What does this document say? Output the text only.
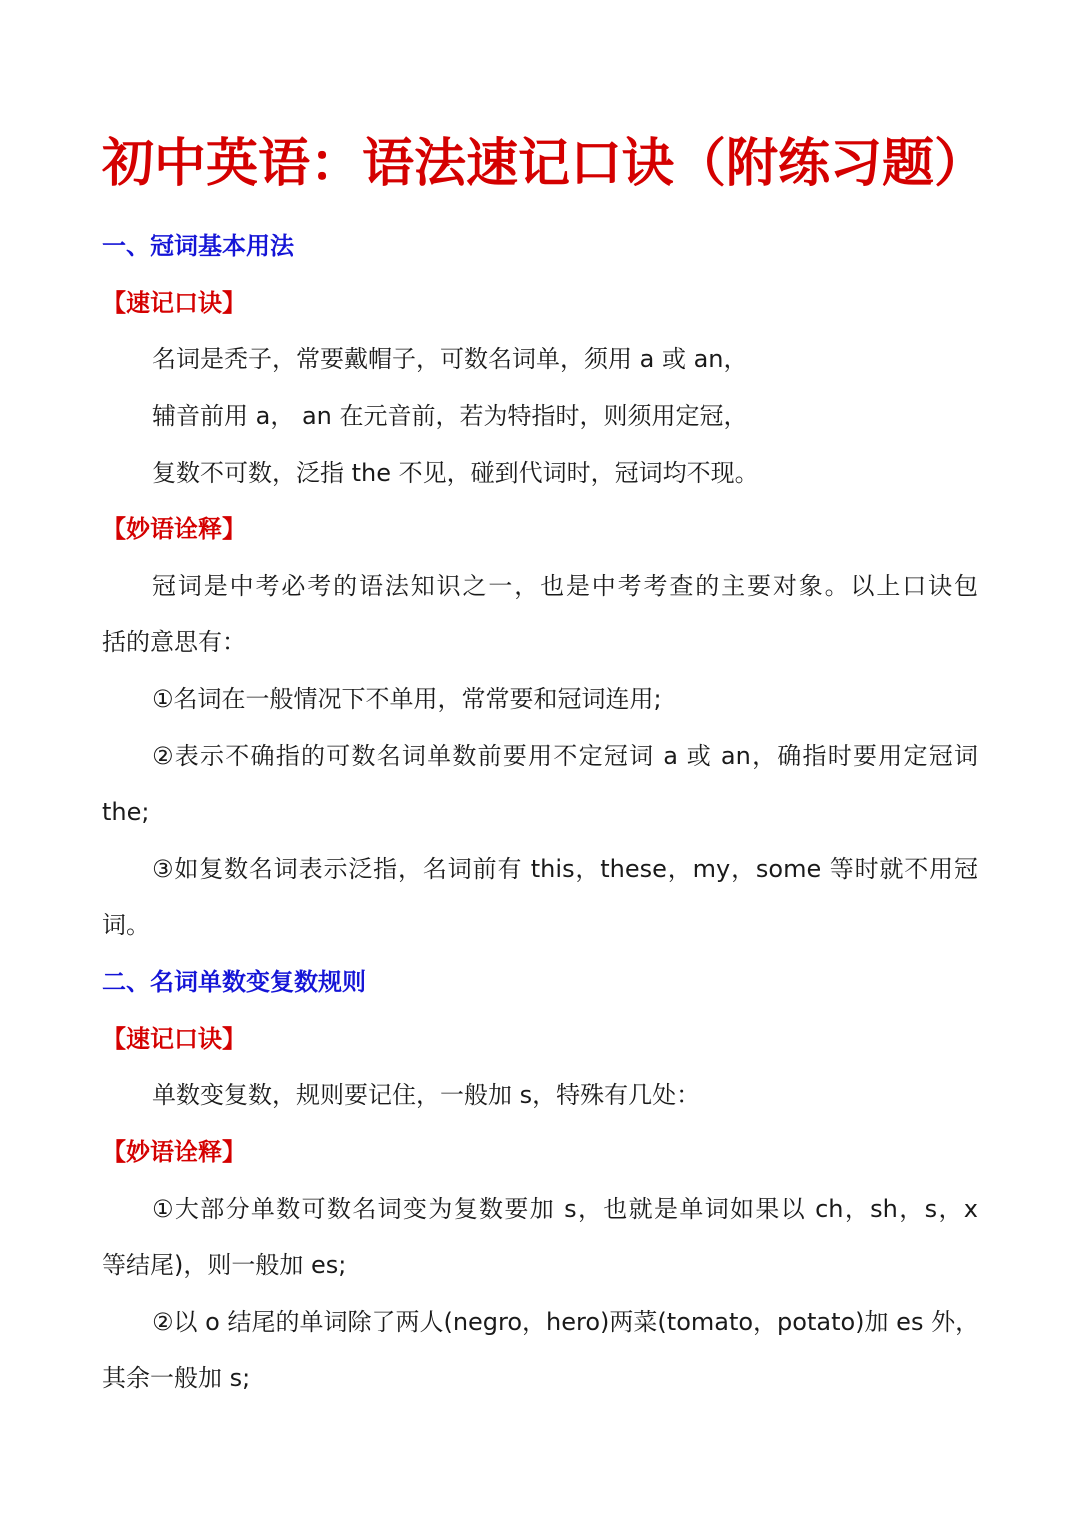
初中英语：语法速记口诀（附练习题）
一、冠词基本用法
【速记口诀】
名词是秃子，常要戴帽子，可数名词单，须用 a 或 an，
辅音前用 a， an 在元音前，若为特指时，则须用定冠，
复数不可数，泛指 the 不见，碰到代词时，冠词均不现。
【妙语诠释】
冠词是中考必考的语法知识之一，也是中考考查的主要对象。以上口诀包
括的意思有：
①名词在一般情况下不单用，常常要和冠词连用;
②表示不确指的可数名词单数前要用不定冠词 a 或 an，确指时要用定冠词
the;
③如复数名词表示泛指，名词前有 this，these，my，some 等时就不用冠
词。
二、名词单数变复数规则
【速记口诀】
单数变复数，规则要记住，一般加 s，特殊有几处：
【妙语诠释】
①大部分单数可数名词变为复数要加 s，也就是单词如果以 ch，sh，s，x
等结尾)，则一般加 es;
②以 o 结尾的单词除了两人(negro，hero)两菜(tomato，potato)加 es 外，
其余一般加 s;
